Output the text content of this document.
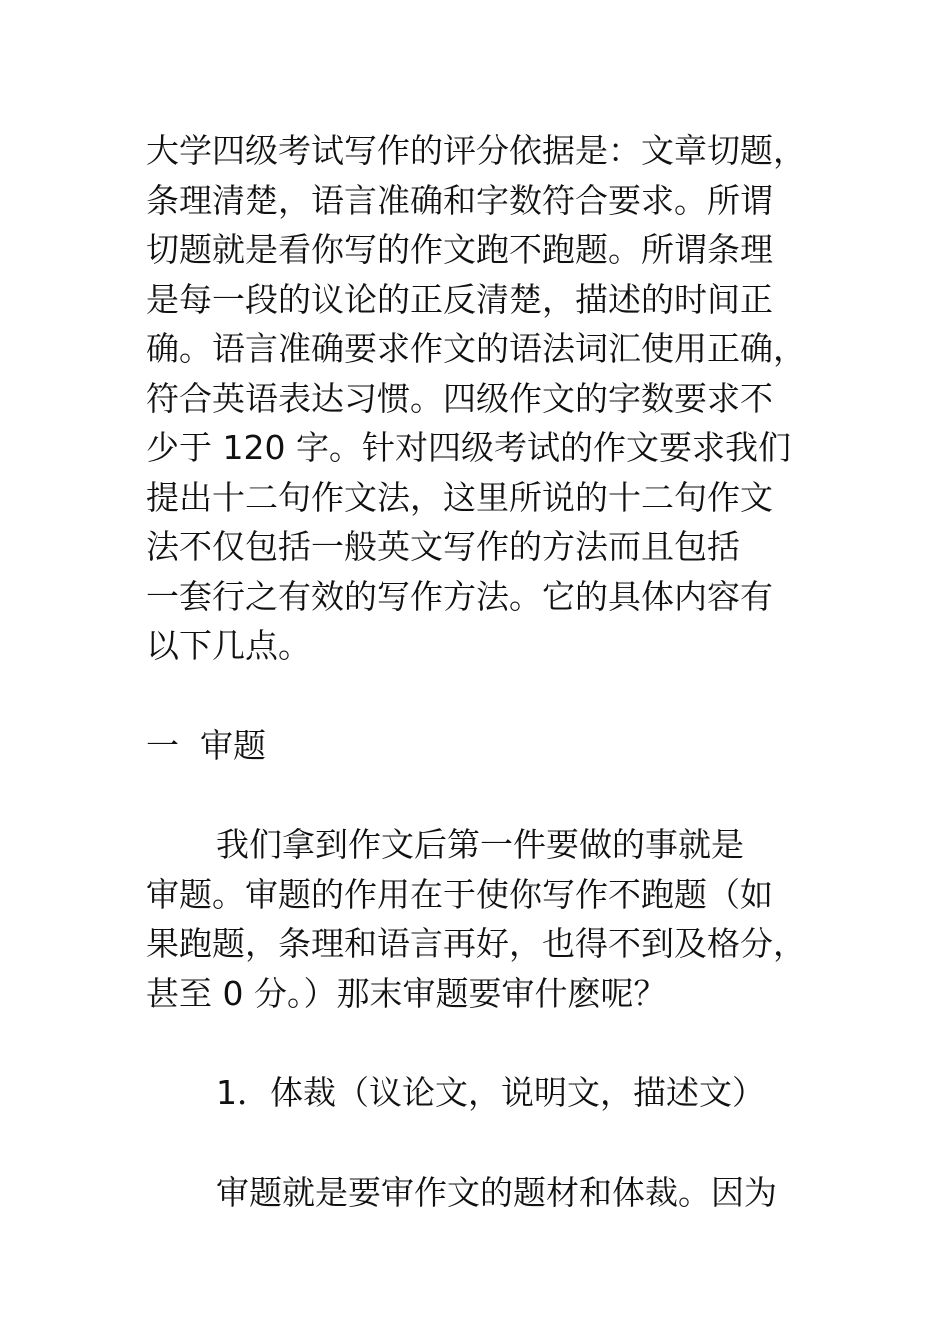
大学四级考试写作的评分依据是：文章切题，
条理清楚，语言准确和字数符合要求。所谓
切题就是看你写的作文跑不跑题。所谓条理
是每一段的议论的正反清楚，描述的时间正
确。语言准确要求作文的语法词汇使用正确，
符合英语表达习惯。四级作文的字数要求不
少于 120 字。针对四级考试的作文要求我们
提出十二句作文法，这里所说的十二句作文
法不仅包括一般英文写作的方法而且包括
一套行之有效的写作方法。它的具体内容有
以下几点。
一  审题
我们拿到作文后第一件要做的事就是
审题。审题的作用在于使你写作不跑题（如
果跑题，条理和语言再好，也得不到及格分，
甚至 0 分。）那末审题要审什麽呢？
1．体裁（议论文，说明文，描述文）
审题就是要审作文的题材和体裁。因为
